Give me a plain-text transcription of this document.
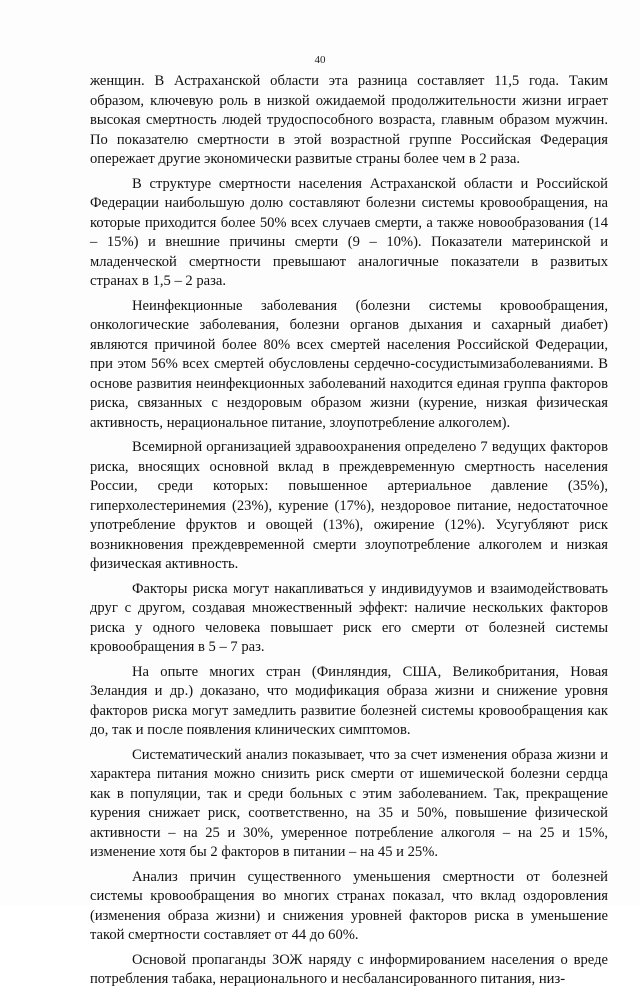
40

женщин. В Астраханской области эта разница составляет 11,5 года. Таким образом, ключевую роль в низкой ожидаемой продолжительности жизни играет высокая смертность людей трудоспособного возраста, главным образом мужчин. По показателю смертности в этой возрастной группе Российская Федерация опережает другие экономически развитые страны более чем в 2 раза.

В структуре смертности населения Астраханской области и Российской Федерации наибольшую долю составляют болезни системы кровообращения, на которые приходится более 50% всех случаев смерти, а также новообразования (14 – 15%) и внешние причины смерти (9 – 10%). Показатели материнской и младенческой смертности превышают аналогичные показатели в развитых странах в 1,5 – 2 раза.

Неинфекционные заболевания (болезни системы кровообращения, онкологические заболевания, болезни органов дыхания и сахарный диабет) являются причиной более 80% всех смертей населения Российской Федерации, при этом 56% всех смертей обусловлены сердечно-сосудистымизаболеваниями. В основе развития неинфекционных заболеваний находится единая группа факторов риска, связанных с нездоровым образом жизни (курение, низкая физическая активность, нерациональное питание, злоупотребление алкоголем).

Всемирной организацией здравоохранения определено 7 ведущих факторов риска, вносящих основной вклад в преждевременную смертность населения России, среди которых: повышенное артериальное давление (35%), гиперхолестеринемия (23%), курение (17%), нездоровое питание, недостаточное употребление фруктов и овощей (13%), ожирение (12%). Усугубляют риск возникновения преждевременной смерти злоупотребление алкоголем и низкая физическая активность.

Факторы риска могут накапливаться у индивидуумов и взаимодействовать друг с другом, создавая множественный эффект: наличие нескольких факторов риска у одного человека повышает риск его смерти от болезней системы кровообращения в 5 – 7 раз.

На опыте многих стран (Финляндия, США, Великобритания, Новая Зеландия и др.) доказано, что модификация образа жизни и снижение уровня факторов риска могут замедлить развитие болезней системы кровообращения как до, так и после появления клинических симптомов.

Систематический анализ показывает, что за счет изменения образа жизни и характера питания можно снизить риск смерти от ишемической болезни сердца как в популяции, так и среди больных с этим заболеванием. Так, прекращение курения снижает риск, соответственно, на 35 и 50%, повышение физической активности – на 25 и 30%, умеренное потребление алкоголя – на 25 и 15%, изменение хотя бы 2 факторов в питании – на 45 и 25%.

Анализ причин существенного уменьшения смертности от болезней системы кровообращения во многих странах показал, что вклад оздоровления (изменения образа жизни) и снижения уровней факторов риска в уменьшение такой смертности составляет от 44 до 60%.

Основой пропаганды ЗОЖ наряду с информированием населения о вреде потребления табака, нерационального и несбалансированного питания, низ-
